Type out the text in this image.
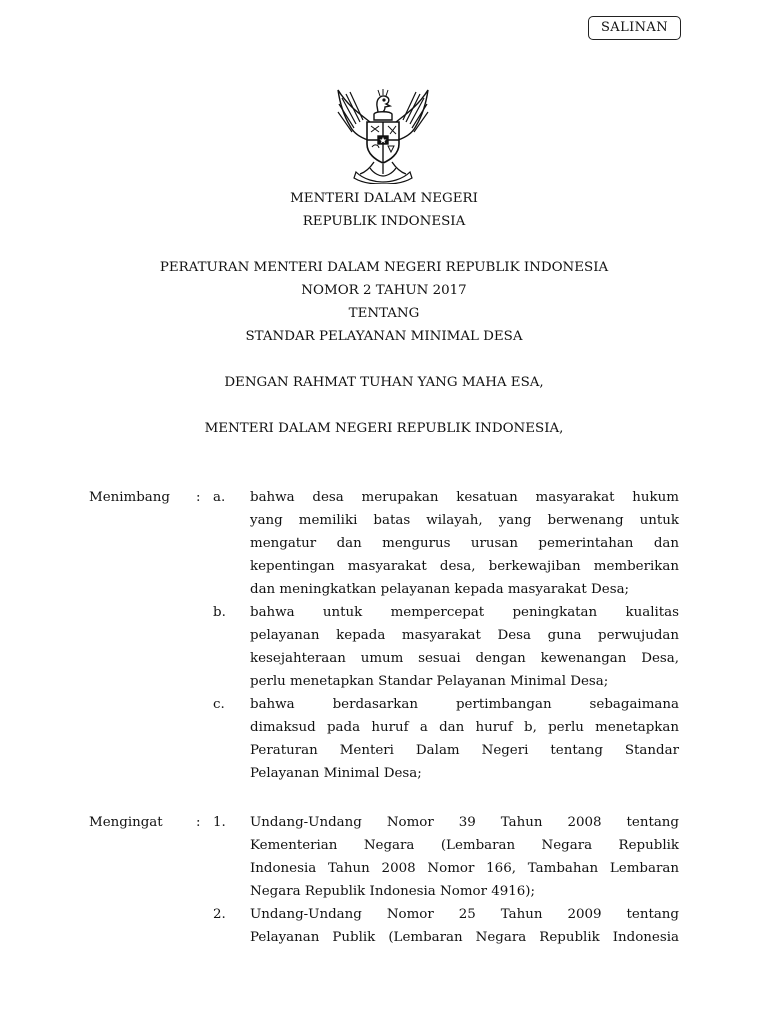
SALINAN
MENTERI DALAM NEGERI
REPUBLIK INDONESIA
PERATURAN MENTERI DALAM NEGERI REPUBLIK INDONESIA
NOMOR 2 TAHUN 2017
TENTANG
STANDAR PELAYANAN MINIMAL DESA
DENGAN RAHMAT TUHAN YANG MAHA ESA,
MENTERI DALAM NEGERI REPUBLIK INDONESIA,
Menimbang : a. bahwa desa merupakan kesatuan masyarakat hukum
yang memiliki batas wilayah, yang berwenang untuk
mengatur dan mengurus urusan pemerintahan dan
kepentingan masyarakat desa, berkewajiban memberikan
dan meningkatkan pelayanan kepada masyarakat Desa;
b. bahwa untuk mempercepat peningkatan kualitas
pelayanan kepada masyarakat Desa guna perwujudan
kesejahteraan umum sesuai dengan kewenangan Desa,
perlu menetapkan Standar Pelayanan Minimal Desa;
c. bahwa berdasarkan pertimbangan sebagaimana
dimaksud pada huruf a dan huruf b, perlu menetapkan
Peraturan Menteri Dalam Negeri tentang Standar
Pelayanan Minimal Desa;
Mengingat : 1. Undang-Undang Nomor 39 Tahun 2008 tentang
Kementerian Negara (Lembaran Negara Republik
Indonesia Tahun 2008 Nomor 166, Tambahan Lembaran
Negara Republik Indonesia Nomor 4916);
2. Undang-Undang Nomor 25 Tahun 2009 tentang
Pelayanan Publik (Lembaran Negara Republik Indonesia
